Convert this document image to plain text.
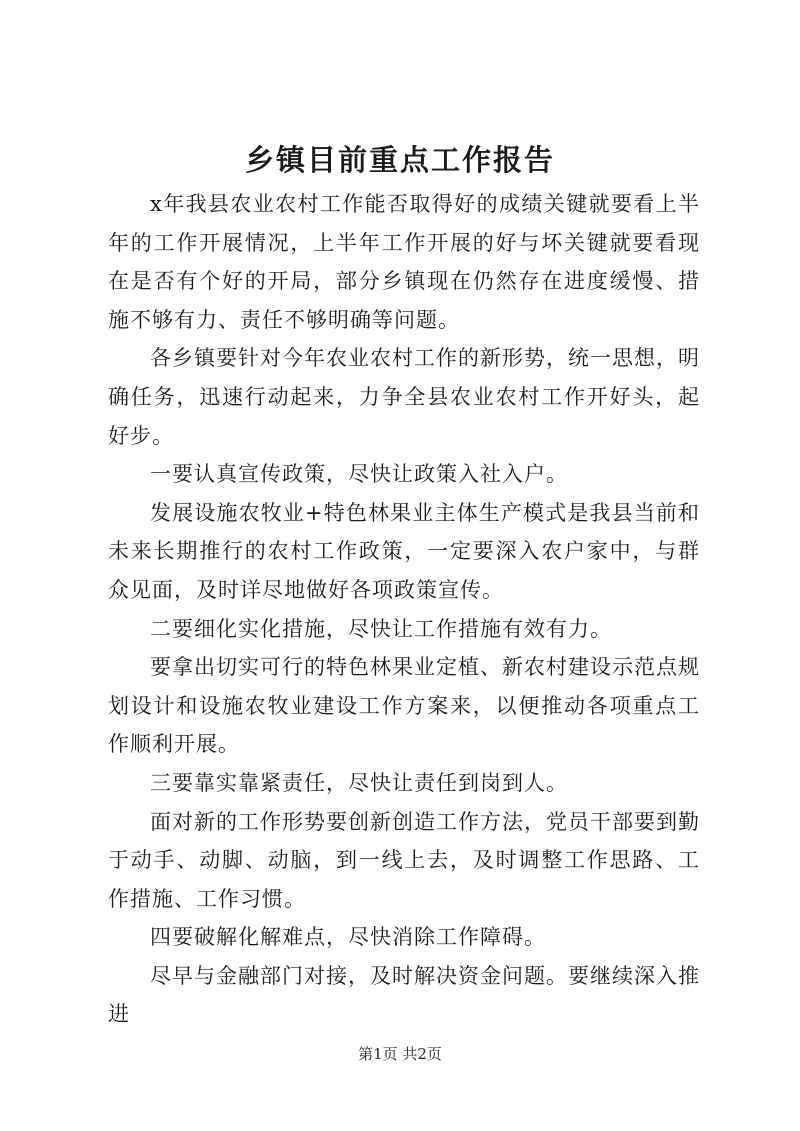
乡镇目前重点工作报告

x年我县农业农村工作能否取得好的成绩关键就要看上半年的工作开展情况，上半年工作开展的好与坏关键就要看现在是否有个好的开局，部分乡镇现在仍然存在进度缓慢、措施不够有力、责任不够明确等问题。

各乡镇要针对今年农业农村工作的新形势，统一思想，明确任务，迅速行动起来，力争全县农业农村工作开好头，起好步。

一要认真宣传政策，尽快让政策入社入户。

发展设施农牧业+特色林果业主体生产模式是我县当前和未来长期推行的农村工作政策，一定要深入农户家中，与群众见面，及时详尽地做好各项政策宣传。

二要细化实化措施，尽快让工作措施有效有力。

要拿出切实可行的特色林果业定植、新农村建设示范点规划设计和设施农牧业建设工作方案来，以便推动各项重点工作顺利开展。

三要靠实靠紧责任，尽快让责任到岗到人。

面对新的工作形势要创新创造工作方法，党员干部要到勤于动手、动脚、动脑，到一线上去，及时调整工作思路、工作措施、工作习惯。

四要破解化解难点，尽快消除工作障碍。

尽早与金融部门对接，及时解决资金问题。要继续深入推进

第1页 共2页
